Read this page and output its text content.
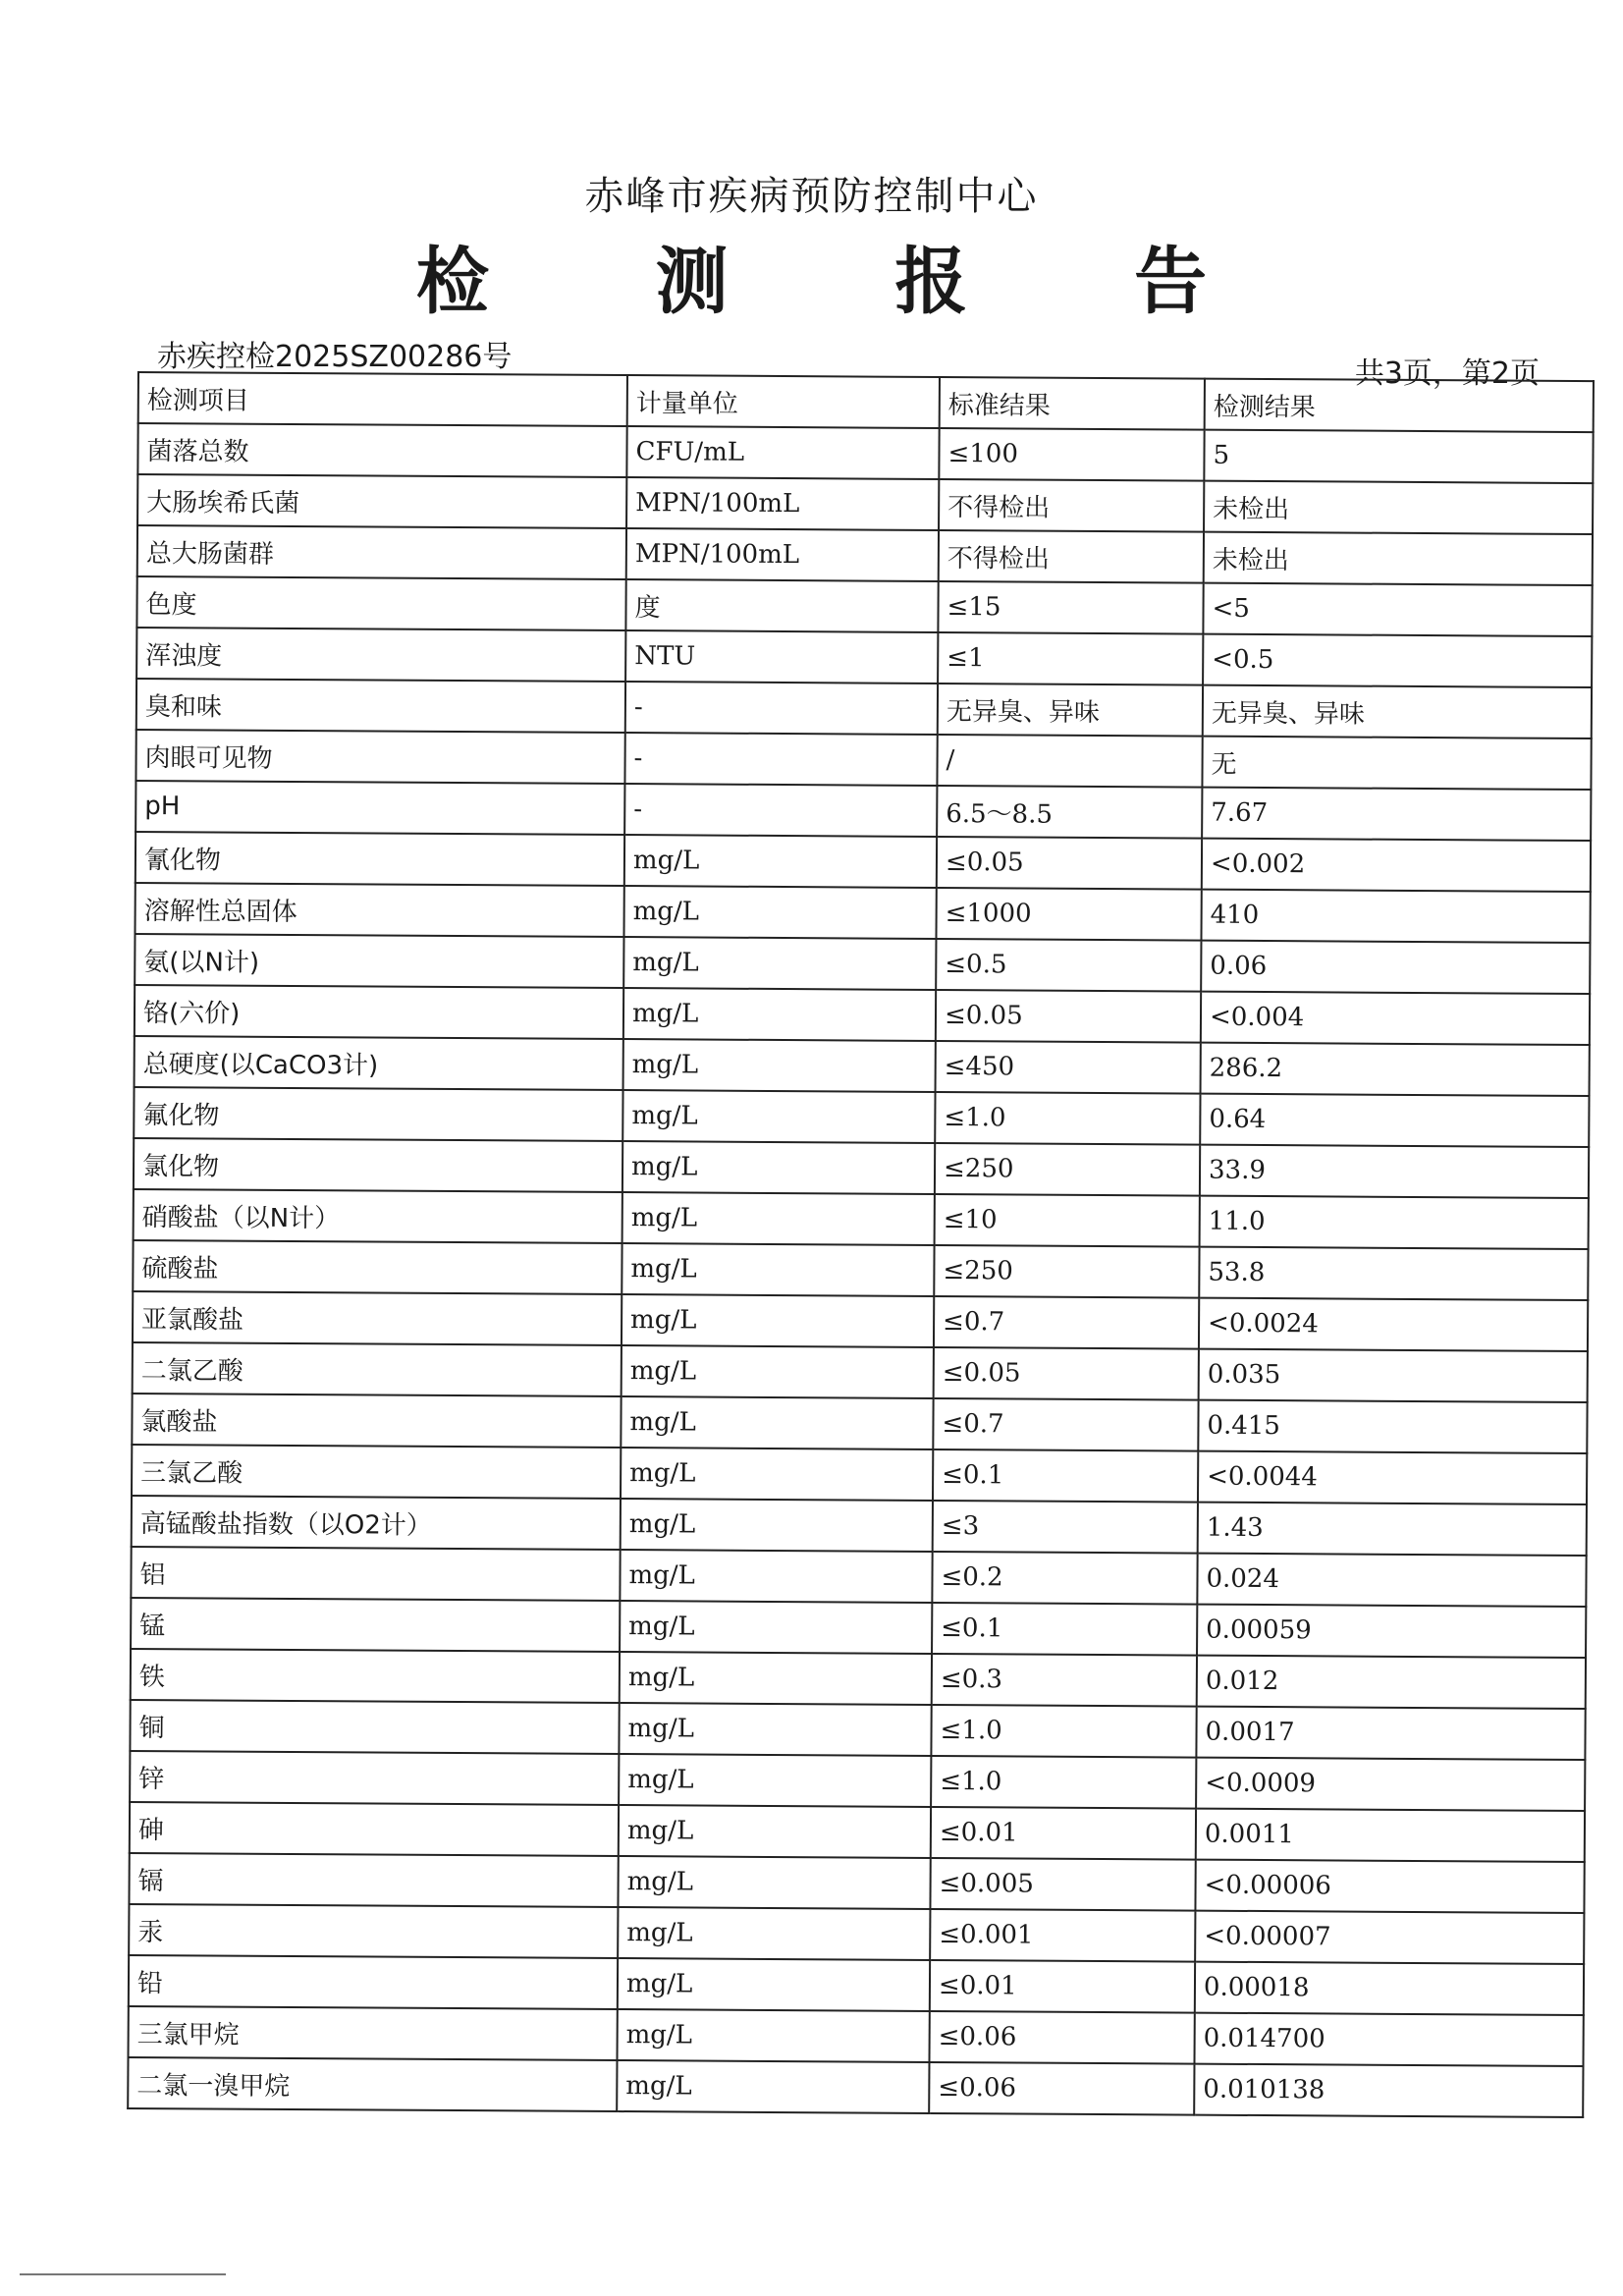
赤峰市疾病预防控制中心
检 测 报 告
赤疾控检2025SZ00286号	共3页，第2页
检测项目	计量单位	标准结果	检测结果
菌落总数	CFU/mL	≤100	5
大肠埃希氏菌	MPN/100mL	不得检出	未检出
总大肠菌群	MPN/100mL	不得检出	未检出
色度	度	≤15	<5
浑浊度	NTU	≤1	<0.5
臭和味	-	无异臭、异味	无异臭、异味
肉眼可见物	-	/	无
pH	-	6.5～8.5	7.67
氰化物	mg/L	≤0.05	<0.002
溶解性总固体	mg/L	≤1000	410
氨(以N计)	mg/L	≤0.5	0.06
铬(六价)	mg/L	≤0.05	<0.004
总硬度(以CaCO3计)	mg/L	≤450	286.2
氟化物	mg/L	≤1.0	0.64
氯化物	mg/L	≤250	33.9
硝酸盐（以N计）	mg/L	≤10	11.0
硫酸盐	mg/L	≤250	53.8
亚氯酸盐	mg/L	≤0.7	<0.0024
二氯乙酸	mg/L	≤0.05	0.035
氯酸盐	mg/L	≤0.7	0.415
三氯乙酸	mg/L	≤0.1	<0.0044
高锰酸盐指数（以O2计）	mg/L	≤3	1.43
铝	mg/L	≤0.2	0.024
锰	mg/L	≤0.1	0.00059
铁	mg/L	≤0.3	0.012
铜	mg/L	≤1.0	0.0017
锌	mg/L	≤1.0	<0.0009
砷	mg/L	≤0.01	0.0011
镉	mg/L	≤0.005	<0.00006
汞	mg/L	≤0.001	<0.00007
铅	mg/L	≤0.01	0.00018
三氯甲烷	mg/L	≤0.06	0.014700
二氯一溴甲烷	mg/L	≤0.06	0.010138
